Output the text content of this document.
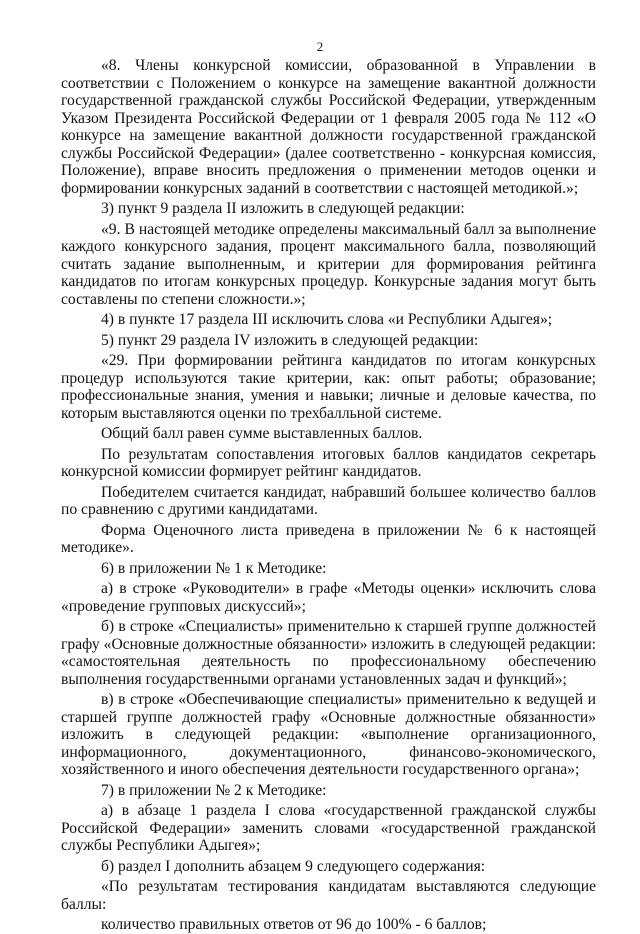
2

«8. Члены конкурсной комиссии, образованной в Управлении в соответствии с Положением о конкурсе на замещение вакантной должности государственной гражданской службы Российской Федерации, утвержденным Указом Президента Российской Федерации от 1 февраля 2005 года № 112 «О конкурсе на замещение вакантной должности государственной гражданской службы Российской Федерации» (далее соответственно - конкурсная комиссия, Положение), вправе вносить предложения о применении методов оценки и формировании конкурсных заданий в соответствии с настоящей методикой.»;

3) пункт 9 раздела II изложить в следующей редакции:

«9. В настоящей методике определены максимальный балл за выполнение каждого конкурсного задания, процент максимального балла, позволяющий считать задание выполненным, и критерии для формирования рейтинга кандидатов по итогам конкурсных процедур. Конкурсные задания могут быть составлены по степени сложности.»;

4) в пункте 17 раздела III исключить слова «и Республики Адыгея»;

5) пункт 29 раздела IV изложить в следующей редакции:

«29. При формировании рейтинга кандидатов по итогам конкурсных процедур используются такие критерии, как: опыт работы; образование; профессиональные знания, умения и навыки; личные и деловые качества, по которым выставляются оценки по трехбалльной системе.

Общий балл равен сумме выставленных баллов.

По результатам сопоставления итоговых баллов кандидатов секретарь конкурсной комиссии формирует рейтинг кандидатов.

Победителем считается кандидат, набравший большее количество баллов по сравнению с другими кандидатами.

Форма Оценочного листа приведена в приложении № 6 к настоящей методике».

6) в приложении № 1 к Методике:

а) в строке «Руководители» в графе «Методы оценки» исключить слова «проведение групповых дискуссий»;

б) в строке «Специалисты» применительно к старшей группе должностей графу «Основные должностные обязанности» изложить в следующей редакции: «самостоятельная деятельность по профессиональному обеспечению выполнения государственными органами установленных задач и функций»;

в) в строке «Обеспечивающие специалисты» применительно к ведущей и старшей группе должностей графу «Основные должностные обязанности» изложить в следующей редакции: «выполнение организационного, информационного, документационного, финансово-экономического, хозяйственного и иного обеспечения деятельности государственного органа»;

7) в приложении № 2 к Методике:

а) в абзаце 1 раздела I слова «государственной гражданской службы Российской Федерации» заменить словами «государственной гражданской службы Республики Адыгея»;

б) раздел I дополнить абзацем 9 следующего содержания:

«По результатам тестирования кандидатам выставляются следующие баллы:

количество правильных ответов от 96 до 100% - 6 баллов;
